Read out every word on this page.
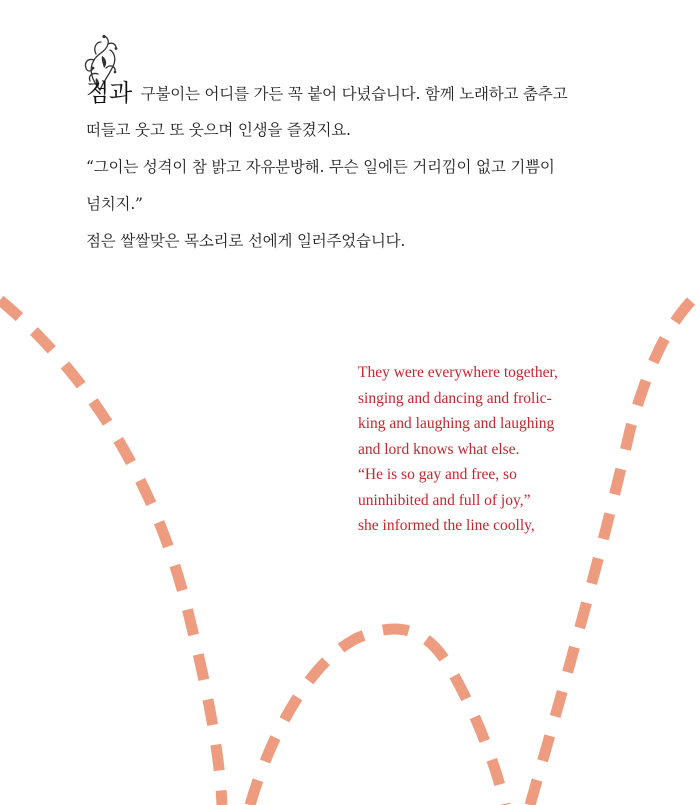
점과 구불이는 어디를 가든 꼭 붙어 다녔습니다. 함께 노래하고 춤추고
떠들고 웃고 또 웃으며 인생을 즐겼지요.
“그이는 성격이 참 밝고 자유분방해. 무슨 일에든 거리낌이 없고 기쁨이
넘치지.”
점은 쌀쌀맞은 목소리로 선에게 일러주었습니다.
They were everywhere together,
singing and dancing and frolic-
king and laughing and laughing
and lord knows what else.
“He is so gay and free, so
uninhibited and full of joy,”
she informed the line coolly,
